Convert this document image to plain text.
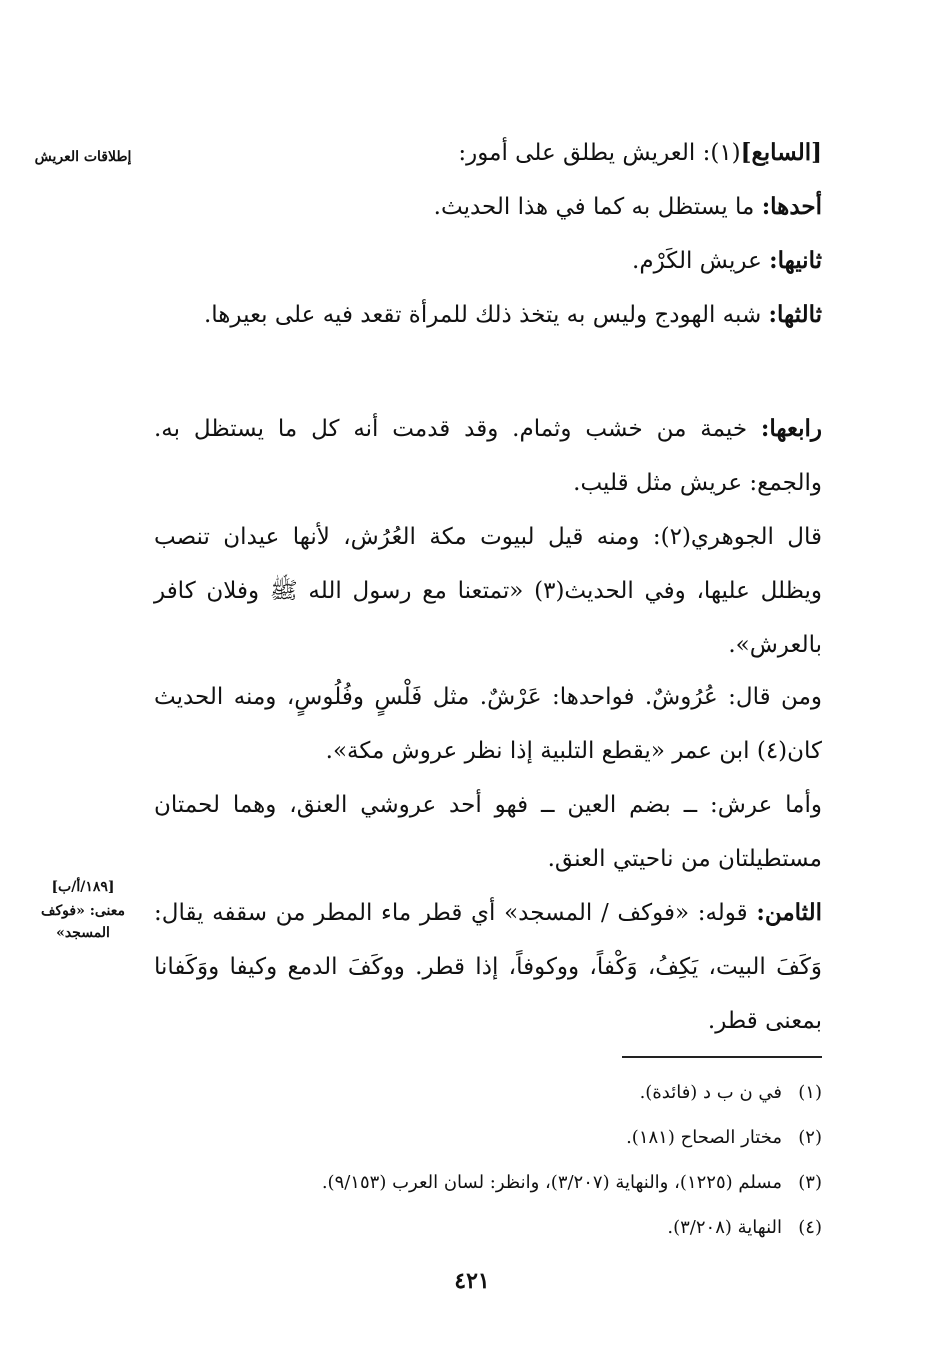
إطلاقات العريش
[١٨٩/أ/ب]
معنى: «فوكف المسجد»
[السابع](١): العريش يطلق على أمور:
أحدها: ما يستظل به كما في هذا الحديث.
ثانيها: عريش الكَرْم.
ثالثها: شبه الهودج وليس به يتخذ ذلك للمرأة تقعد فيه على بعيرها.
رابعها: خيمة من خشب وثمام. وقد قدمت أنه كل ما يستظل به. والجمع: عريش مثل قليب.
قال الجوهري(٢): ومنه قيل لبيوت مكة العُرُش، لأنها عيدان تنصب ويظلل عليها، وفي الحديث(٣) «تمتعنا مع رسول الله ﷺ وفلان كافر بالعرش».
ومن قال: عُرُوشٌ. فواحدها: عَرْشٌ. مثل فَلْسٍ وفُلُوسٍ، ومنه الحديث كان(٤) ابن عمر «يقطع التلبية إذا نظر عروش مكة».
وأما عرش: ــ بضم العين ــ فهو أحد عروشي العنق، وهما لحمتان مستطيلتان من ناحيتي العنق.
الثامن: قوله: «فوكف / المسجد» أي قطر ماء المطر من سقفه يقال: وَكَفَ البيت، يَكِفُ، وَكْفاً، ووكوفاً، إذا قطر. ووكَفَ الدمع وكيفا ووَكَفانا بمعنى قطر.
(١)في ن ب د (فائدة).
(٢)مختار الصحاح (١٨١).
(٣)مسلم (١٢٢٥)، والنهاية (٣/٢٠٧)، وانظر: لسان العرب (٩/١٥٣).
(٤)النهاية (٣/٢٠٨).
٤٢١
